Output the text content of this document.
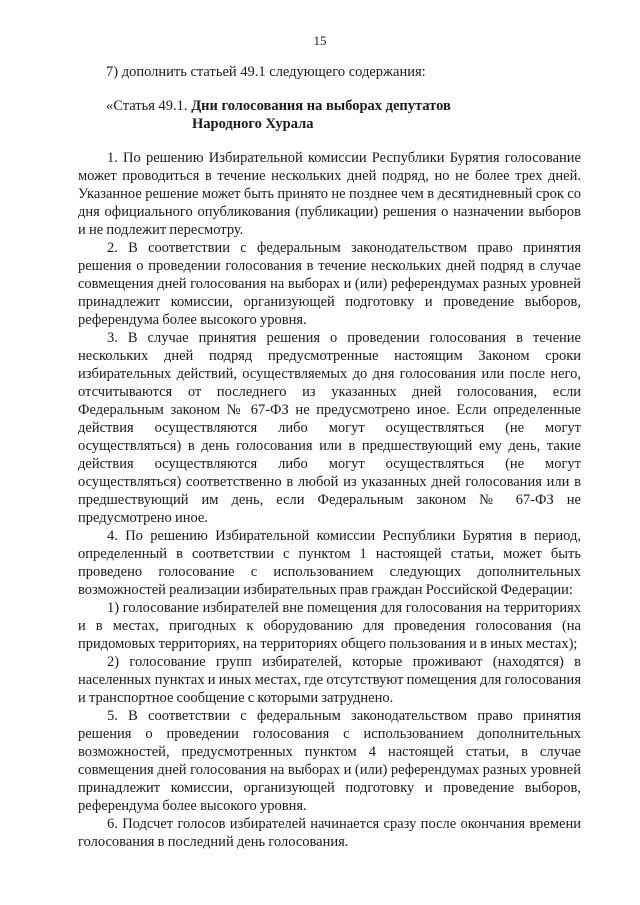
15
7) дополнить статьей 49.1 следующего содержания:
«Статья 49.1. Дни голосования на выборах депутатов
Народного Хурала

1. По решению Избирательной комиссии Республики Бурятия голосование может проводиться в течение нескольких дней подряд, но не более трех дней. Указанное решение может быть принято не позднее чем в десятидневный срок со дня официального опубликования (публикации) решения о назначении выборов и не подлежит пересмотру.

2. В соответствии с федеральным законодательством право принятия решения о проведении голосования в течение нескольких дней подряд в случае совмещения дней голосования на выборах и (или) референдумах разных уровней принадлежит комиссии, организующей подготовку и проведение выборов, референдума более высокого уровня.

3. В случае принятия решения о проведении голосования в течение нескольких дней подряд предусмотренные настоящим Законом сроки избирательных действий, осуществляемых до дня голосования или после него, отсчитываются от последнего из указанных дней голосования, если Федеральным законом № 67-ФЗ не предусмотрено иное. Если определенные действия осуществляются либо могут осуществляться (не могут осуществляться) в день голосования или в предшествующий ему день, такие действия осуществляются либо могут осуществляться (не могут осуществляться) соответственно в любой из указанных дней голосования или в предшествующий им день, если Федеральным законом № 67-ФЗ не предусмотрено иное.

4. По решению Избирательной комиссии Республики Бурятия в период, определенный в соответствии с пунктом 1 настоящей статьи, может быть проведено голосование с использованием следующих дополнительных возможностей реализации избирательных прав граждан Российской Федерации:

1) голосование избирателей вне помещения для голосования на территориях и в местах, пригодных к оборудованию для проведения голосования (на придомовых территориях, на территориях общего пользования и в иных местах);

2) голосование групп избирателей, которые проживают (находятся) в населенных пунктах и иных местах, где отсутствуют помещения для голосования и транспортное сообщение с которыми затруднено.

5. В соответствии с федеральным законодательством право принятия решения о проведении голосования с использованием дополнительных возможностей, предусмотренных пунктом 4 настоящей статьи, в случае совмещения дней голосования на выборах и (или) референдумах разных уровней принадлежит комиссии, организующей подготовку и проведение выборов, референдума более высокого уровня.

6. Подсчет голосов избирателей начинается сразу после окончания времени голосования в последний день голосования.
